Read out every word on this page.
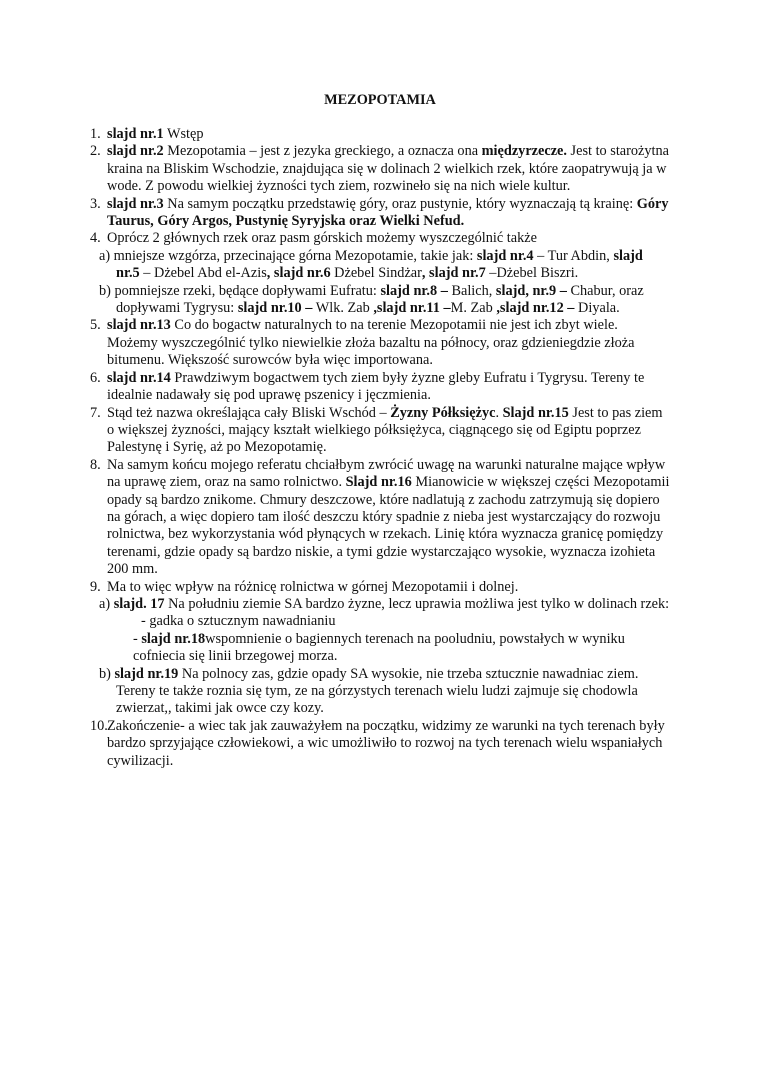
MEZOPOTAMIA
1. slajd nr.1 Wstęp
2. slajd nr.2 Mezopotamia – jest z jezyka greckiego, a oznacza ona międzyrzecze. Jest to starożytna kraina na Bliskim Wschodzie, znajdująca się w dolinach 2 wielkich rzek, które zaopatrywują ja w wode. Z powodu wielkiej żyzności tych ziem, rozwineło się na nich wiele kultur.
3. slajd nr.3 Na samym początku przedstawię góry, oraz pustynie, który wyznaczają tą krainę: Góry Taurus, Góry Argos, Pustynię Syryjska oraz Wielki Nefud.
4. Oprócz 2 głównych rzek oraz pasm górskich możemy wyszczególnić także
a) mniejsze wzgórza, przecinające górna Mezopotamie, takie jak: slajd nr.4 – Tur Abdin, slajd nr.5 – Dżebel Abd el-Azis, slajd nr.6 Dżebel Sindżar, slajd nr.7 –Dżebel Biszri.
b) pomniejsze rzeki, będące dopływami Eufratu: slajd nr.8 – Balich, slajd, nr.9 – Chabur, oraz dopływami Tygrysu: slajd nr.10 – Wlk. Zab ,slajd nr.11 –M. Zab ,slajd nr.12 – Diyala.
5. slajd nr.13 Co do bogactw naturalnych to na terenie Mezopotamii nie jest ich zbyt wiele. Możemy wyszczególnić tylko niewielkie złoża bazaltu na północy, oraz gdzieniegdzie złoża bitumenu. Większość surowców była więc importowana.
6. slajd nr.14 Prawdziwym bogactwem tych ziem były żyzne gleby Eufratu i Tygrysu. Tereny te idealnie nadawały się pod uprawę pszenicy i jęczmienia.
7. Stąd też nazwa określająca cały Bliski Wschód – Żyzny Półksiężyc. Slajd nr.15 Jest to pas ziem o większej żyzności, mający kształt wielkiego półksiężyca, ciągnącego się od Egiptu poprzez Palestynę i Syrię, aż po Mezopotamię.
8. Na samym końcu mojego referatu chciałbym zwrócić uwagę na warunki naturalne mające wpływ na uprawę ziem, oraz na samo rolnictwo. Slajd nr.16 Mianowicie w większej części Mezopotamii opady są bardzo znikome. Chmury deszczowe, które nadlatują z zachodu zatrzymują się dopiero na górach, a więc dopiero tam ilość deszczu który spadnie z nieba jest wystarczający do rozwoju rolnictwa, bez wykorzystania wód płynących w rzekach. Linię która wyznacza granicę pomiędzy terenami, gdzie opady są bardzo niskie, a tymi gdzie wystarczająco wysokie, wyznacza izohieta 200 mm.
9. Ma to więc wpływ na różnicę rolnictwa w górnej Mezopotamii i dolnej.
a) slajd. 17 Na południu ziemie SA bardzo żyzne, lecz uprawia możliwa jest tylko w dolinach rzek:
- gadka o sztucznym nawadnianiu
- slajd nr.18wspomnienie o bagiennych terenach na pooludniu, powstałych w wyniku cofniecia się linii brzegowej morza.
b) slajd nr.19 Na polnocy zas, gdzie opady SA wysokie, nie trzeba sztucznie nawadniac ziem. Tereny te także roznia się tym, ze na górzystych terenach wielu ludzi zajmuje się chodowla zwierzat,, takimi jak owce czy kozy.
10. Zakończenie- a wiec tak jak zauważyłem na początku, widzimy ze warunki na tych terenach były bardzo sprzyjające człowiekowi, a wic umożliwiło to rozwoj na tych terenach wielu wspaniałych cywilizacji.
